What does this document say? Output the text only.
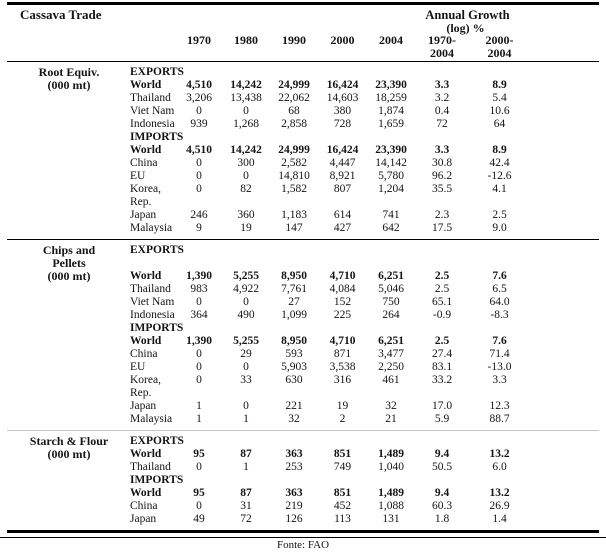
Cassava Trade	Annual Growth
(log) %
1970	1980	1990	2000	2004	1970-	2000-
2004	2004
Root Equiv.	EXPORTS
(000 mt)	World	4,510	14,242	24,999	16,424	23,390	3.3	8.9
Thailand	3,206	13,438	22,062	14,603	18,259	3.2	5.4
Viet Nam	0	0	68	380	1,874	0.4	10.6
Indonesia	939	1,268	2,858	728	1,659	72	64
IMPORTS
World	4,510	14,242	24,999	16,424	23,390	3.3	8.9
China	0	300	2,582	4,447	14,142	30.8	42.4
EU	0	0	14,810	8,921	5,780	96.2	-12.6
Korea,	0	82	1,582	807	1,204	35.5	4.1
Rep.
Japan	246	360	1,183	614	741	2.3	2.5
Malaysia	9	19	147	427	642	17.5	9.0
Chips and	EXPORTS
Pellets
(000 mt)	World	1,390	5,255	8,950	4,710	6,251	2.5	7.6
Thailand	983	4,922	7,761	4,084	5,046	2.5	6.5
Viet Nam	0	0	27	152	750	65.1	64.0
Indonesia	364	490	1,099	225	264	-0.9	-8.3
IMPORTS
World	1,390	5,255	8,950	4,710	6,251	2.5	7.6
China	0	29	593	871	3,477	27.4	71.4
EU	0	0	5,903	3,538	2,250	83.1	-13.0
Korea,	0	33	630	316	461	33.2	3.3
Rep.
Japan	1	0	221	19	32	17.0	12.3
Malaysia	1	1	32	2	21	5.9	88.7
Starch & Flour	EXPORTS
(000 mt)	World	95	87	363	851	1,489	9.4	13.2
Thailand	0	1	253	749	1,040	50.5	6.0
IMPORTS
World	95	87	363	851	1,489	9.4	13.2
China	0	31	219	452	1,088	60.3	26.9
Japan	49	72	126	113	131	1.8	1.4
Fonte: FAO
